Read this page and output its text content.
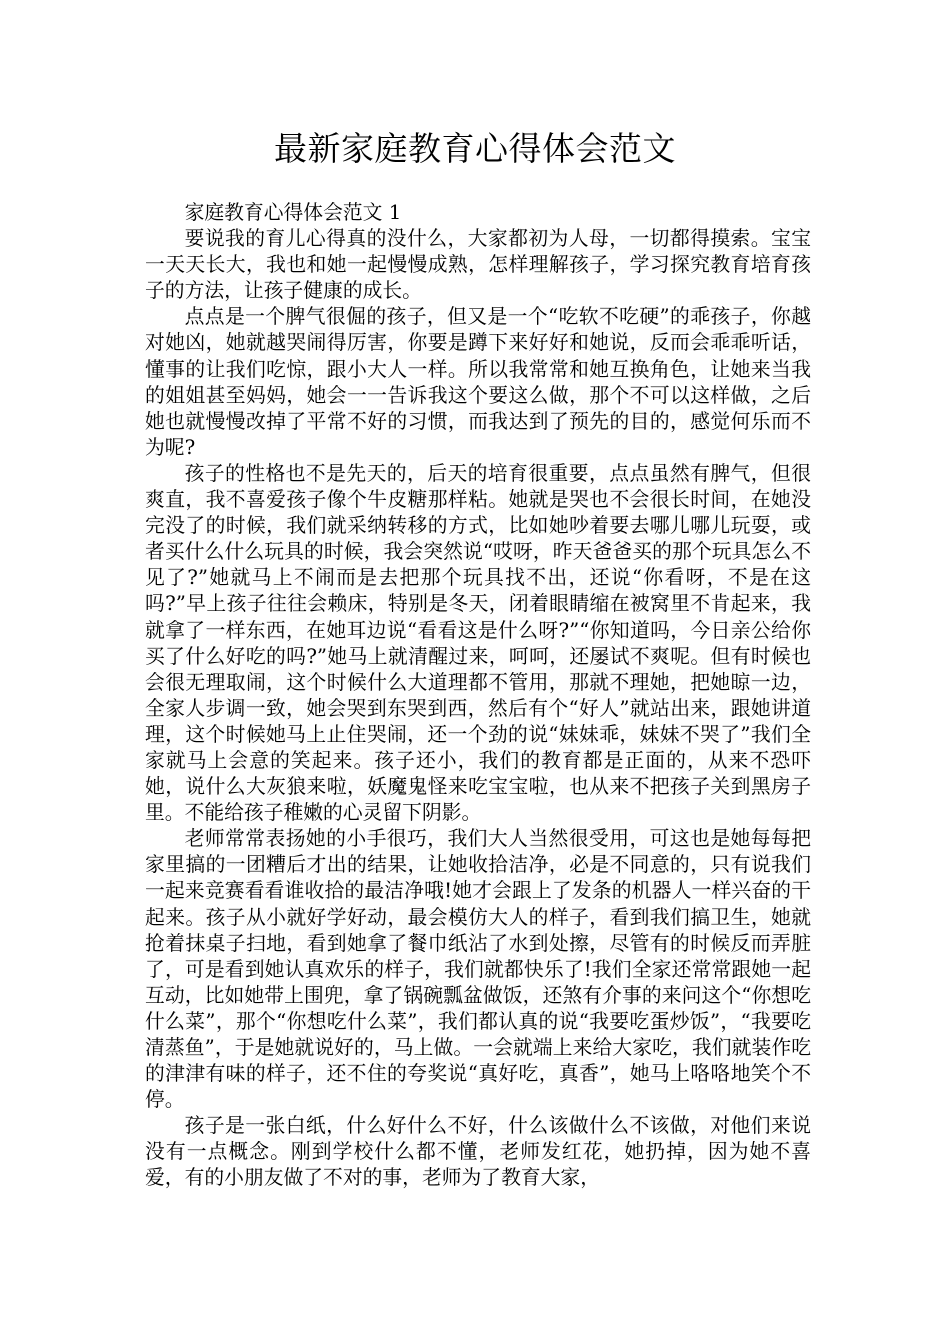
最新家庭教育心得体会范文

家庭教育心得体会范文 1

要说我的育儿心得真的没什么，大家都初为人母，一切都得摸索。宝宝一天天长大，我也和她一起慢慢成熟，怎样理解孩子，学习探究教育培育孩子的方法，让孩子健康的成长。

点点是一个脾气很倔的孩子，但又是一个“吃软不吃硬”的乖孩子，你越对她凶，她就越哭闹得厉害，你要是蹲下来好好和她说，反而会乖乖听话，懂事的让我们吃惊，跟小大人一样。所以我常常和她互换角色，让她来当我的姐姐甚至妈妈，她会一一告诉我这个要这么做，那个不可以这样做，之后她也就慢慢改掉了平常不好的习惯，而我达到了预先的目的，感觉何乐而不为呢?

孩子的性格也不是先天的，后天的培育很重要，点点虽然有脾气，但很爽直，我不喜爱孩子像个牛皮糖那样粘。她就是哭也不会很长时间，在她没完没了的时候，我们就采纳转移的方式，比如她吵着要去哪儿哪儿玩耍，或者买什么什么玩具的时候，我会突然说“哎呀，昨天爸爸买的那个玩具怎么不见了?”她就马上不闹而是去把那个玩具找不出，还说“你看呀，不是在这吗?”早上孩子往往会赖床，特别是冬天，闭着眼睛缩在被窝里不肯起来，我就拿了一样东西，在她耳边说“看看这是什么呀?”“你知道吗，今日亲公给你买了什么好吃的吗?”她马上就清醒过来，呵呵，还屡试不爽呢。但有时候也会很无理取闹，这个时候什么大道理都不管用，那就不理她，把她晾一边，全家人步调一致，她会哭到东哭到西，然后有个“好人”就站出来，跟她讲道理，这个时候她马上止住哭闹，还一个劲的说“妹妹乖，妹妹不哭了”我们全家就马上会意的笑起来。孩子还小，我们的教育都是正面的，从来不恐吓她，说什么大灰狼来啦，妖魔鬼怪来吃宝宝啦，也从来不把孩子关到黑房子里。不能给孩子稚嫩的心灵留下阴影。

老师常常表扬她的小手很巧，我们大人当然很受用，可这也是她每每把家里搞的一团糟后才出的结果，让她收拾洁净，必是不同意的，只有说我们一起来竞赛看看谁收拾的最洁净哦!她才会跟上了发条的机器人一样兴奋的干起来。孩子从小就好学好动，最会模仿大人的样子，看到我们搞卫生，她就抢着抹桌子扫地，看到她拿了餐巾纸沾了水到处擦，尽管有的时候反而弄脏了，可是看到她认真欢乐的样子，我们就都快乐了!我们全家还常常跟她一起互动，比如她带上围兜，拿了锅碗瓢盆做饭，还煞有介事的来问这个“你想吃什么菜”，那个“你想吃什么菜”，我们都认真的说“我要吃蛋炒饭”，“我要吃清蒸鱼”，于是她就说好的，马上做。一会就端上来给大家吃，我们就装作吃的津津有味的样子，还不住的夸奖说“真好吃，真香”，她马上咯咯地笑个不停。

孩子是一张白纸，什么好什么不好，什么该做什么不该做，对他们来说没有一点概念。刚到学校什么都不懂，老师发红花，她扔掉，因为她不喜爱，有的小朋友做了不对的事，老师为了教育大家，
